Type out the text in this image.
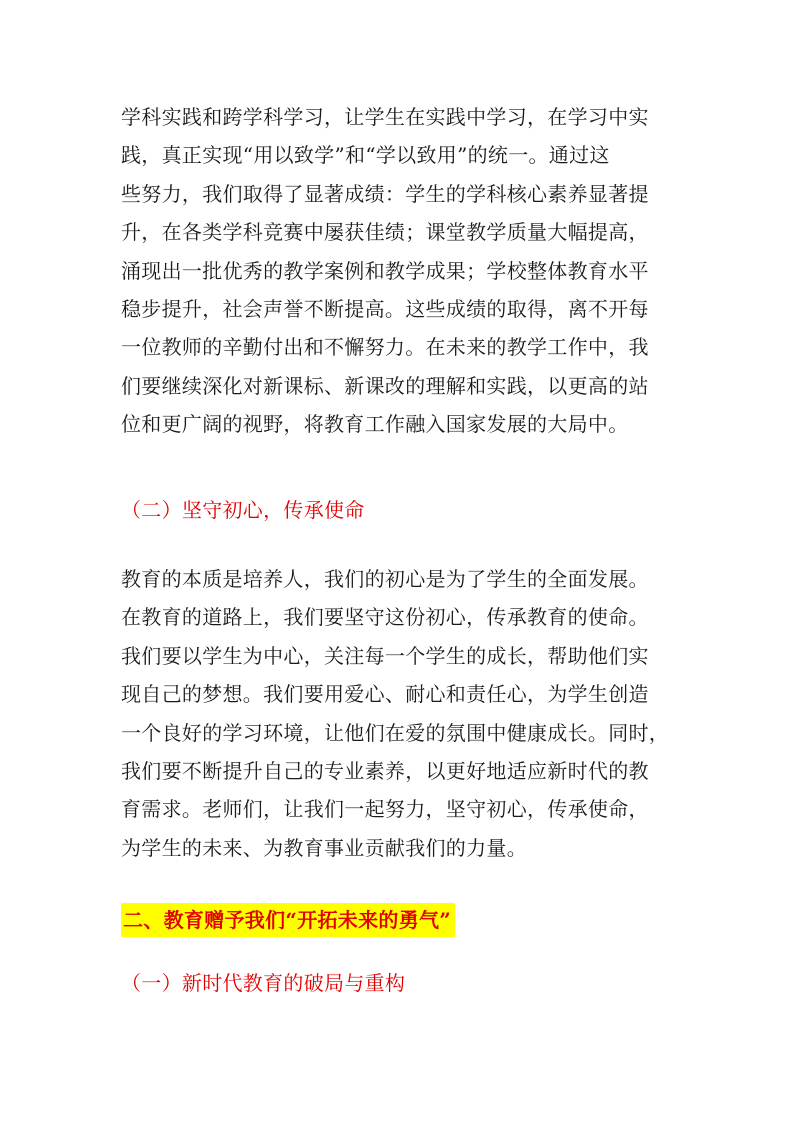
学科实践和跨学科学习，让学生在实践中学习，在学习中实
践，真正实现“用以致学”和“学以致用”的统一。通过这
些努力，我们取得了显著成绩：学生的学科核心素养显著提
升，在各类学科竞赛中屡获佳绩；课堂教学质量大幅提高，
涌现出一批优秀的教学案例和教学成果；学校整体教育水平
稳步提升，社会声誉不断提高。这些成绩的取得，离不开每
一位教师的辛勤付出和不懈努力。在未来的教学工作中，我
们要继续深化对新课标、新课改的理解和实践，以更高的站
位和更广阔的视野，将教育工作融入国家发展的大局中。
（二）坚守初心，传承使命
教育的本质是培养人，我们的初心是为了学生的全面发展。
在教育的道路上，我们要坚守这份初心，传承教育的使命。
我们要以学生为中心，关注每一个学生的成长，帮助他们实
现自己的梦想。我们要用爱心、耐心和责任心，为学生创造
一个良好的学习环境，让他们在爱的氛围中健康成长。同时，
我们要不断提升自己的专业素养，以更好地适应新时代的教
育需求。老师们，让我们一起努力，坚守初心，传承使命，
为学生的未来、为教育事业贡献我们的力量。
二、教育赠予我们“开拓未来的勇气”
（一）新时代教育的破局与重构
